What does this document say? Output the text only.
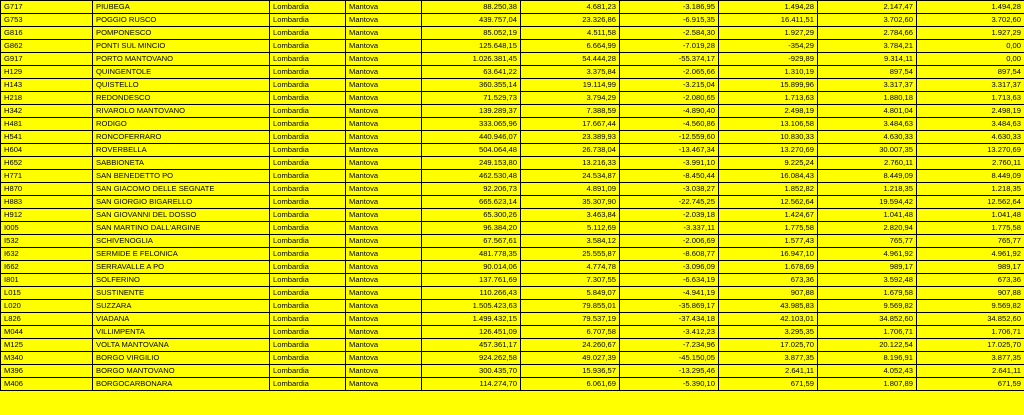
G717	PIUBEGA	Lombardia	Mantova	88.250,38	4.681,23	-3.186,95	1.494,28	2.147,47	1.494,28
G753	POGGIO RUSCO	Lombardia	Mantova	439.757,04	23.326,86	-6.915,35	16.411,51	3.702,60	3.702,60
G816	POMPONESCO	Lombardia	Mantova	85.052,19	4.511,58	-2.584,30	1.927,29	2.784,66	1.927,29
G862	PONTI SUL MINCIO	Lombardia	Mantova	125.648,15	6.664,99	-7.019,28	-354,29	3.784,21	0,00
G917	PORTO MANTOVANO	Lombardia	Mantova	1.026.381,45	54.444,28	-55.374,17	-929,89	9.314,11	0,00
H129	QUINGENTOLE	Lombardia	Mantova	63.641,22	3.375,84	-2.065,66	1.310,19	897,54	897,54
H143	QUISTELLO	Lombardia	Mantova	360.355,14	19.114,99	-3.215,04	15.899,96	3.317,37	3.317,37
H218	REDONDESCO	Lombardia	Mantova	71.529,73	3.794,29	-2.080,65	1.713,63	1.880,18	1.713,63
H342	RIVAROLO MANTOVANO	Lombardia	Mantova	139.289,37	7.388,59	-4.890,40	2.498,19	4.801,04	2.498,19
H481	RODIGO	Lombardia	Mantova	333.065,96	17.667,44	-4.560,86	13.106,58	3.484,63	3.484,63
H541	RONCOFERRARO	Lombardia	Mantova	440.946,07	23.389,93	-12.559,60	10.830,33	4.630,33	4.630,33
H604	ROVERBELLA	Lombardia	Mantova	504.064,48	26.738,04	-13.467,34	13.270,69	30.007,35	13.270,69
H652	SABBIONETA	Lombardia	Mantova	249.153,80	13.216,33	-3.991,10	9.225,24	2.760,11	2.760,11
H771	SAN BENEDETTO PO	Lombardia	Mantova	462.530,48	24.534,87	-8.450,44	16.084,43	8.449,09	8.449,09
H870	SAN GIACOMO DELLE SEGNATE	Lombardia	Mantova	92.206,73	4.891,09	-3.038,27	1.852,82	1.218,35	1.218,35
H883	SAN GIORGIO BIGARELLO	Lombardia	Mantova	665.623,14	35.307,90	-22.745,25	12.562,64	19.594,42	12.562,64
H912	SAN GIOVANNI DEL DOSSO	Lombardia	Mantova	65.300,26	3.463,84	-2.039,18	1.424,67	1.041,48	1.041,48
I005	SAN MARTINO DALL'ARGINE	Lombardia	Mantova	96.384,20	5.112,69	-3.337,11	1.775,58	2.820,94	1.775,58
I532	SCHIVENOGLIA	Lombardia	Mantova	67.567,61	3.584,12	-2.006,69	1.577,43	765,77	765,77
I632	SERMIDE E FELONICA	Lombardia	Mantova	481.778,35	25.555,87	-8.608,77	16.947,10	4.961,92	4.961,92
I662	SERRAVALLE A PO	Lombardia	Mantova	90.014,06	4.774,78	-3.096,09	1.678,69	989,17	989,17
I801	SOLFERINO	Lombardia	Mantova	137.761,69	7.307,55	-6.634,19	673,36	3.592,48	673,36
L015	SUSTINENTE	Lombardia	Mantova	110.266,43	5.849,07	-4.941,19	907,88	1.679,58	907,88
L020	SUZZARA	Lombardia	Mantova	1.505.423,63	79.855,01	-35.869,17	43.985,83	9.569,82	9.569,82
L826	VIADANA	Lombardia	Mantova	1.499.432,15	79.537,19	-37.434,18	42.103,01	34.852,60	34.852,60
M044	VILLIMPENTA	Lombardia	Mantova	126.451,09	6.707,58	-3.412,23	3.295,35	1.706,71	1.706,71
M125	VOLTA MANTOVANA	Lombardia	Mantova	457.361,17	24.260,67	-7.234,96	17.025,70	20.122,54	17.025,70
M340	BORGO VIRGILIO	Lombardia	Mantova	924.262,58	49.027,39	-45.150,05	3.877,35	8.196,91	3.877,35
M396	BORGO MANTOVANO	Lombardia	Mantova	300.435,70	15.936,57	-13.295,46	2.641,11	4.052,43	2.641,11
M406	BORGOCARBONARA	Lombardia	Mantova	114.274,70	6.061,69	-5.390,10	671,59	1.807,89	671,59
